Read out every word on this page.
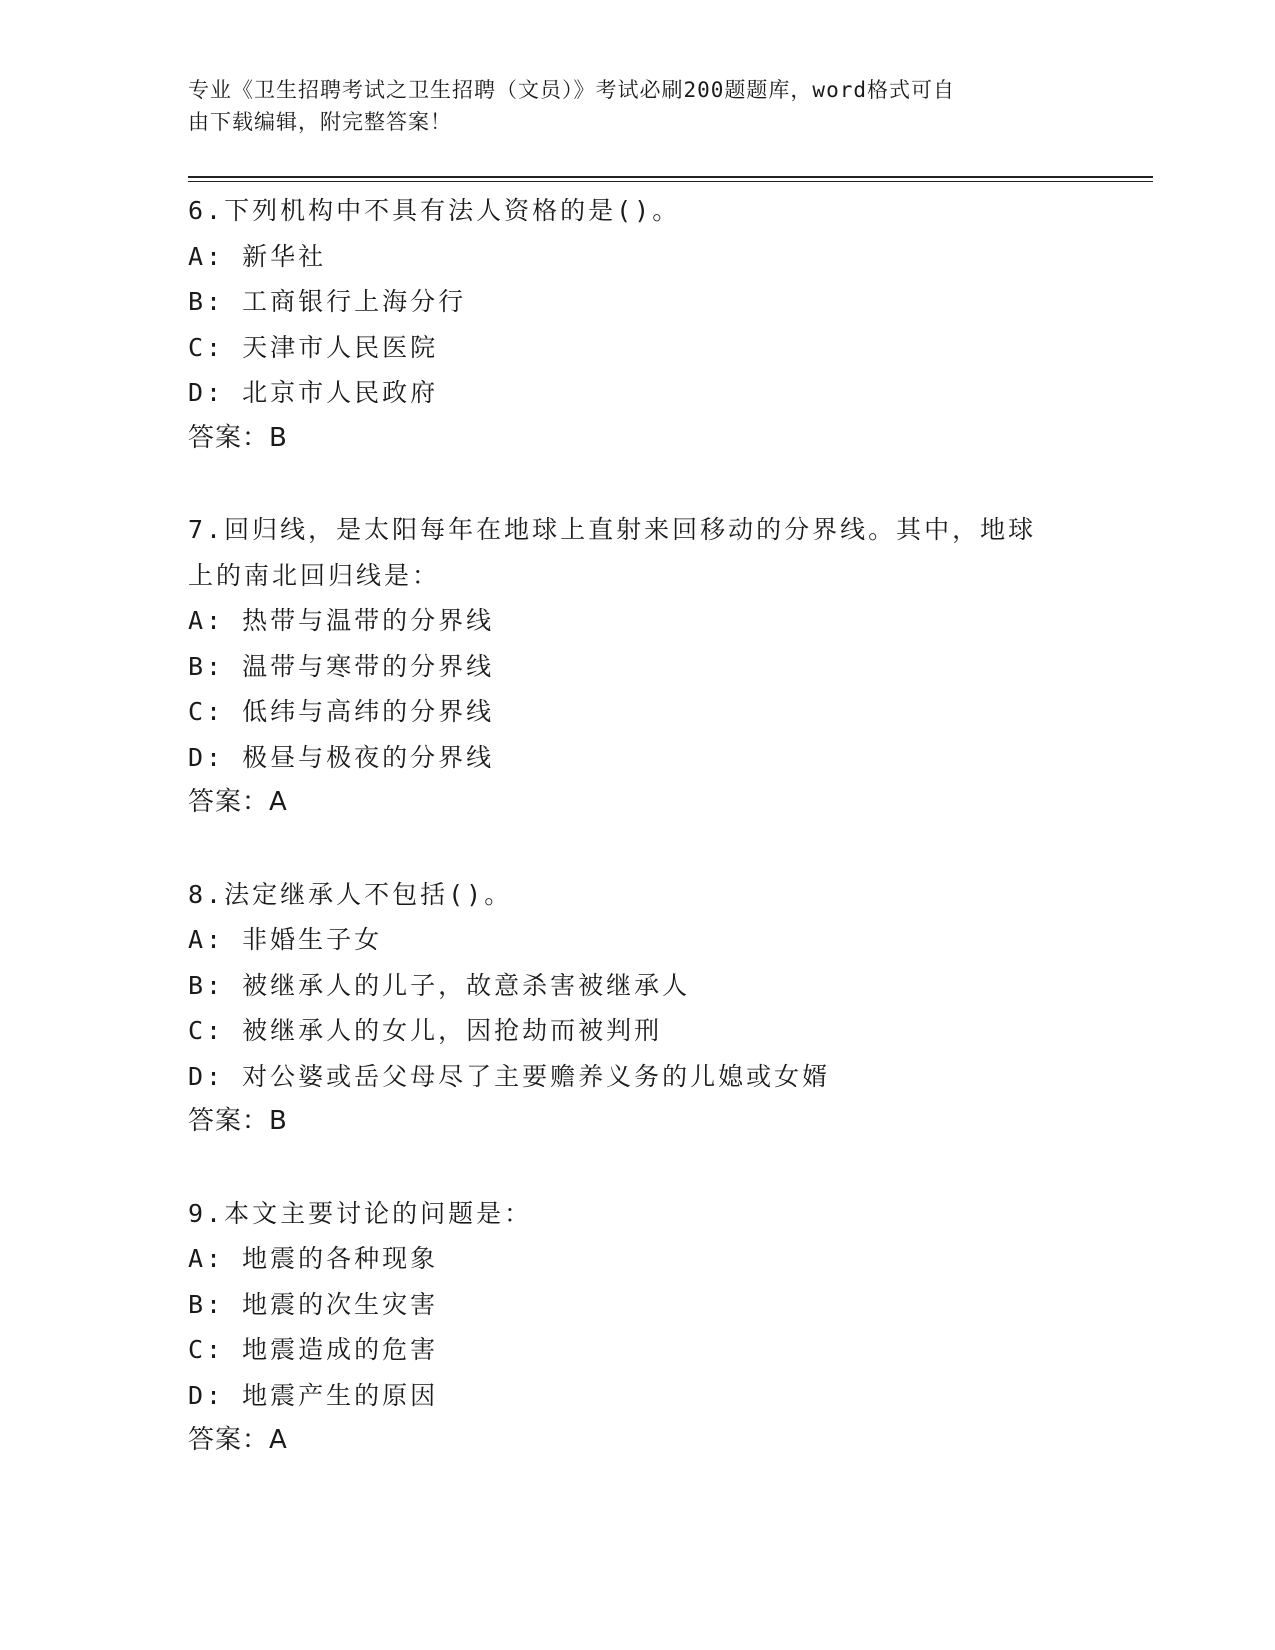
专业《卫生招聘考试之卫生招聘（文员）》考试必刷200题题库，word格式可自
由下载编辑，附完整答案！
6.下列机构中不具有法人资格的是()。
A: 新华社
B: 工商银行上海分行
C: 天津市人民医院
D: 北京市人民政府
答案：B
7.回归线，是太阳每年在地球上直射来回移动的分界线。其中，地球
上的南北回归线是：
A: 热带与温带的分界线
B: 温带与寒带的分界线
C: 低纬与高纬的分界线
D: 极昼与极夜的分界线
答案：A
8.法定继承人不包括()。
A: 非婚生子女
B: 被继承人的儿子，故意杀害被继承人
C: 被继承人的女儿，因抢劫而被判刑
D: 对公婆或岳父母尽了主要赡养义务的儿媳或女婿
答案：B
9.本文主要讨论的问题是：
A: 地震的各种现象
B: 地震的次生灾害
C: 地震造成的危害
D: 地震产生的原因
答案：A
